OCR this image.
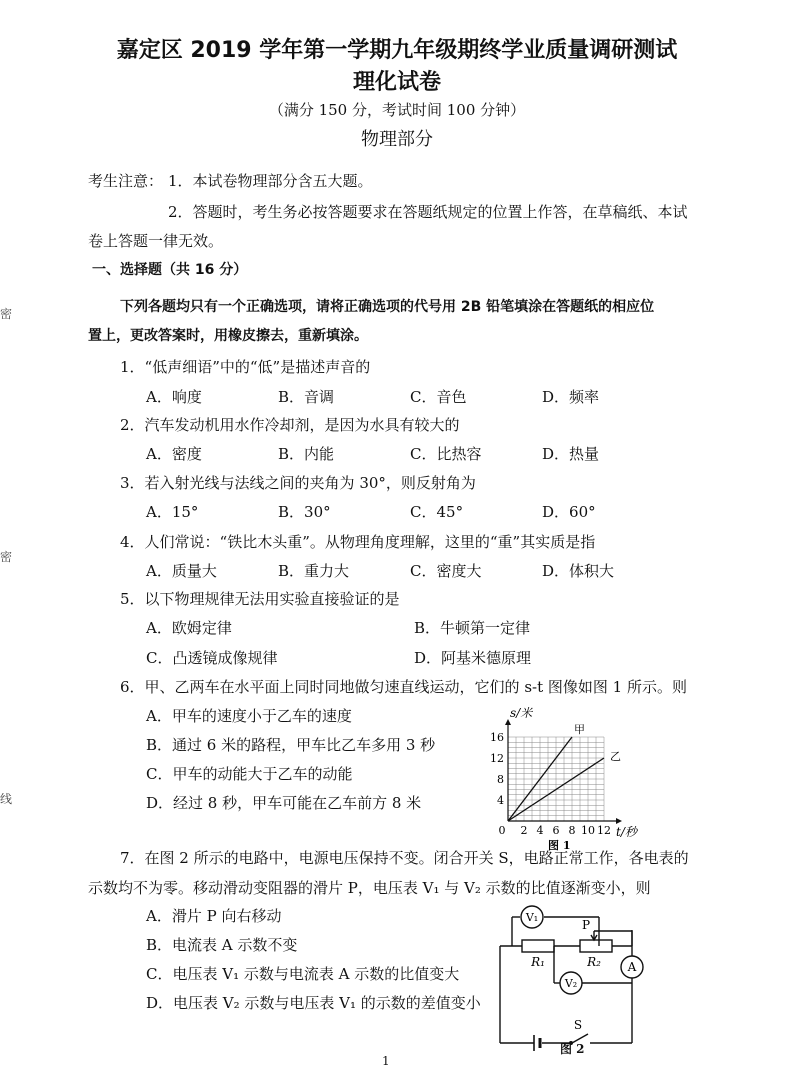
嘉定区 2019 学年第一学期九年级期终学业质量调研测试
理化试卷
（满分 150 分，考试时间 100 分钟）
物理部分
考生注意： 1．本试卷物理部分含五大题。
2．答题时，考生务必按答题要求在答题纸规定的位置上作答，在草稿纸、本试
卷上答题一律无效。
一、选择题（共 16 分）
下列各题均只有一个正确选项，请将正确选项的代号用 2B 铅笔填涂在答题纸的相应位
置上，更改答案时，用橡皮擦去，重新填涂。
1．“低声细语”中的“低”是描述声音的
A．响度	B．音调	C．音色	D．频率
2．汽车发动机用水作冷却剂，是因为水具有较大的
A．密度	B．内能	C．比热容	D．热量
3．若入射光线与法线之间的夹角为 30°，则反射角为
A．15°	B．30°	C．45°	D．60°
4．人们常说：“铁比木头重”。从物理角度理解，这里的“重”其实质是指
A．质量大	B．重力大	C．密度大	D．体积大
5．以下物理规律无法用实验直接验证的是
A．欧姆定律	B．牛顿第一定律
C．凸透镜成像规律	D．阿基米德原理
6．甲、乙两车在水平面上同时同地做匀速直线运动，它们的 s-t 图像如图 1 所示。则
A．甲车的速度小于乙车的速度
B．通过 6 米的路程，甲车比乙车多用 3 秒
C．甲车的动能大于乙车的动能
D．经过 8 秒，甲车可能在乙车前方 8 米
甲
乙
4
8
12
16
2 4 6 8 10 12
0
s/米
t/秒
图 1
7．在图 2 所示的电路中，电源电压保持不变。闭合开关 S，电路正常工作，各电表的
示数均不为零。移动滑动变阻器的滑片 P，电压表 V₁ 与 V₂ 示数的比值逐渐变小，则
A．滑片 P 向右移动
B．电流表 A 示数不变
C．电压表 V₁ 示数与电流表 A 示数的比值变大
D．电压表 V₂ 示数与电压表 V₁ 的示数的差值变小
V₁
V₂
A
R₁	R₂
P
S
图 2
1
密
密
线
